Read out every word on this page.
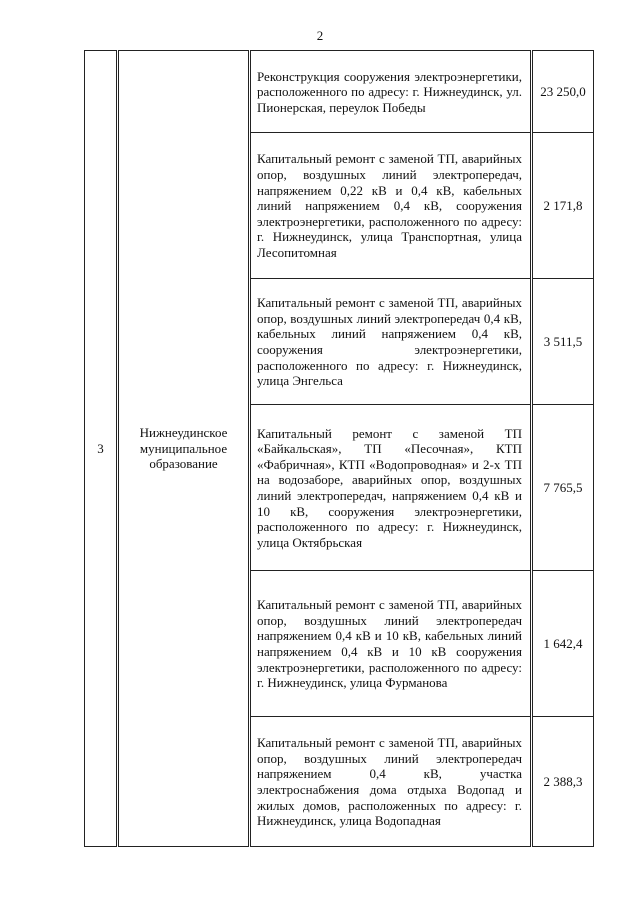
2
3	Нижнеудинское муниципальное образование	Реконструкция сооружения электроэнергетики, расположенного по адресу: г. Нижнеудинск, ул. Пионерская, переулок Победы	23 250,0
		Капитальный ремонт с заменой ТП, аварийных опор, воздушных линий электропередач, напряжением 0,22 кВ и 0,4 кВ, кабельных линий напряжением 0,4 кВ, сооружения электроэнергетики, расположенного по адресу: г. Нижнеудинск, улица Транспортная, улица Лесопитомная	2 171,8
		Капитальный ремонт с заменой ТП, аварийных опор, воздушных линий электропередач 0,4 кВ, кабельных линий напряжением 0,4 кВ, сооружения электроэнергетики, расположенного по адресу: г. Нижнеудинск, улица Энгельса	3 511,5
		Капитальный ремонт с заменой ТП «Байкальская», ТП «Песочная», КТП «Фабричная», КТП «Водопроводная» и 2-х ТП на водозаборе, аварийных опор, воздушных линий электропередач, напряжением 0,4 кВ и 10 кВ, сооружения электроэнергетики, расположенного по адресу: г. Нижнеудинск, улица Октябрьская	7 765,5
		Капитальный ремонт с заменой ТП, аварийных опор, воздушных линий электропередач напряжением 0,4 кВ и 10 кВ, кабельных линий напряжением 0,4 кВ и 10 кВ сооружения электроэнергетики, расположенного по адресу: г. Нижнеудинск, улица Фурманова	1 642,4
		Капитальный ремонт с заменой ТП, аварийных опор, воздушных линий электропередач напряжением 0,4 кВ, участка электроснабжения дома отдыха Водопад и жилых домов, расположенных по адресу: г. Нижнеудинск, улица Водопадная	2 388,3
